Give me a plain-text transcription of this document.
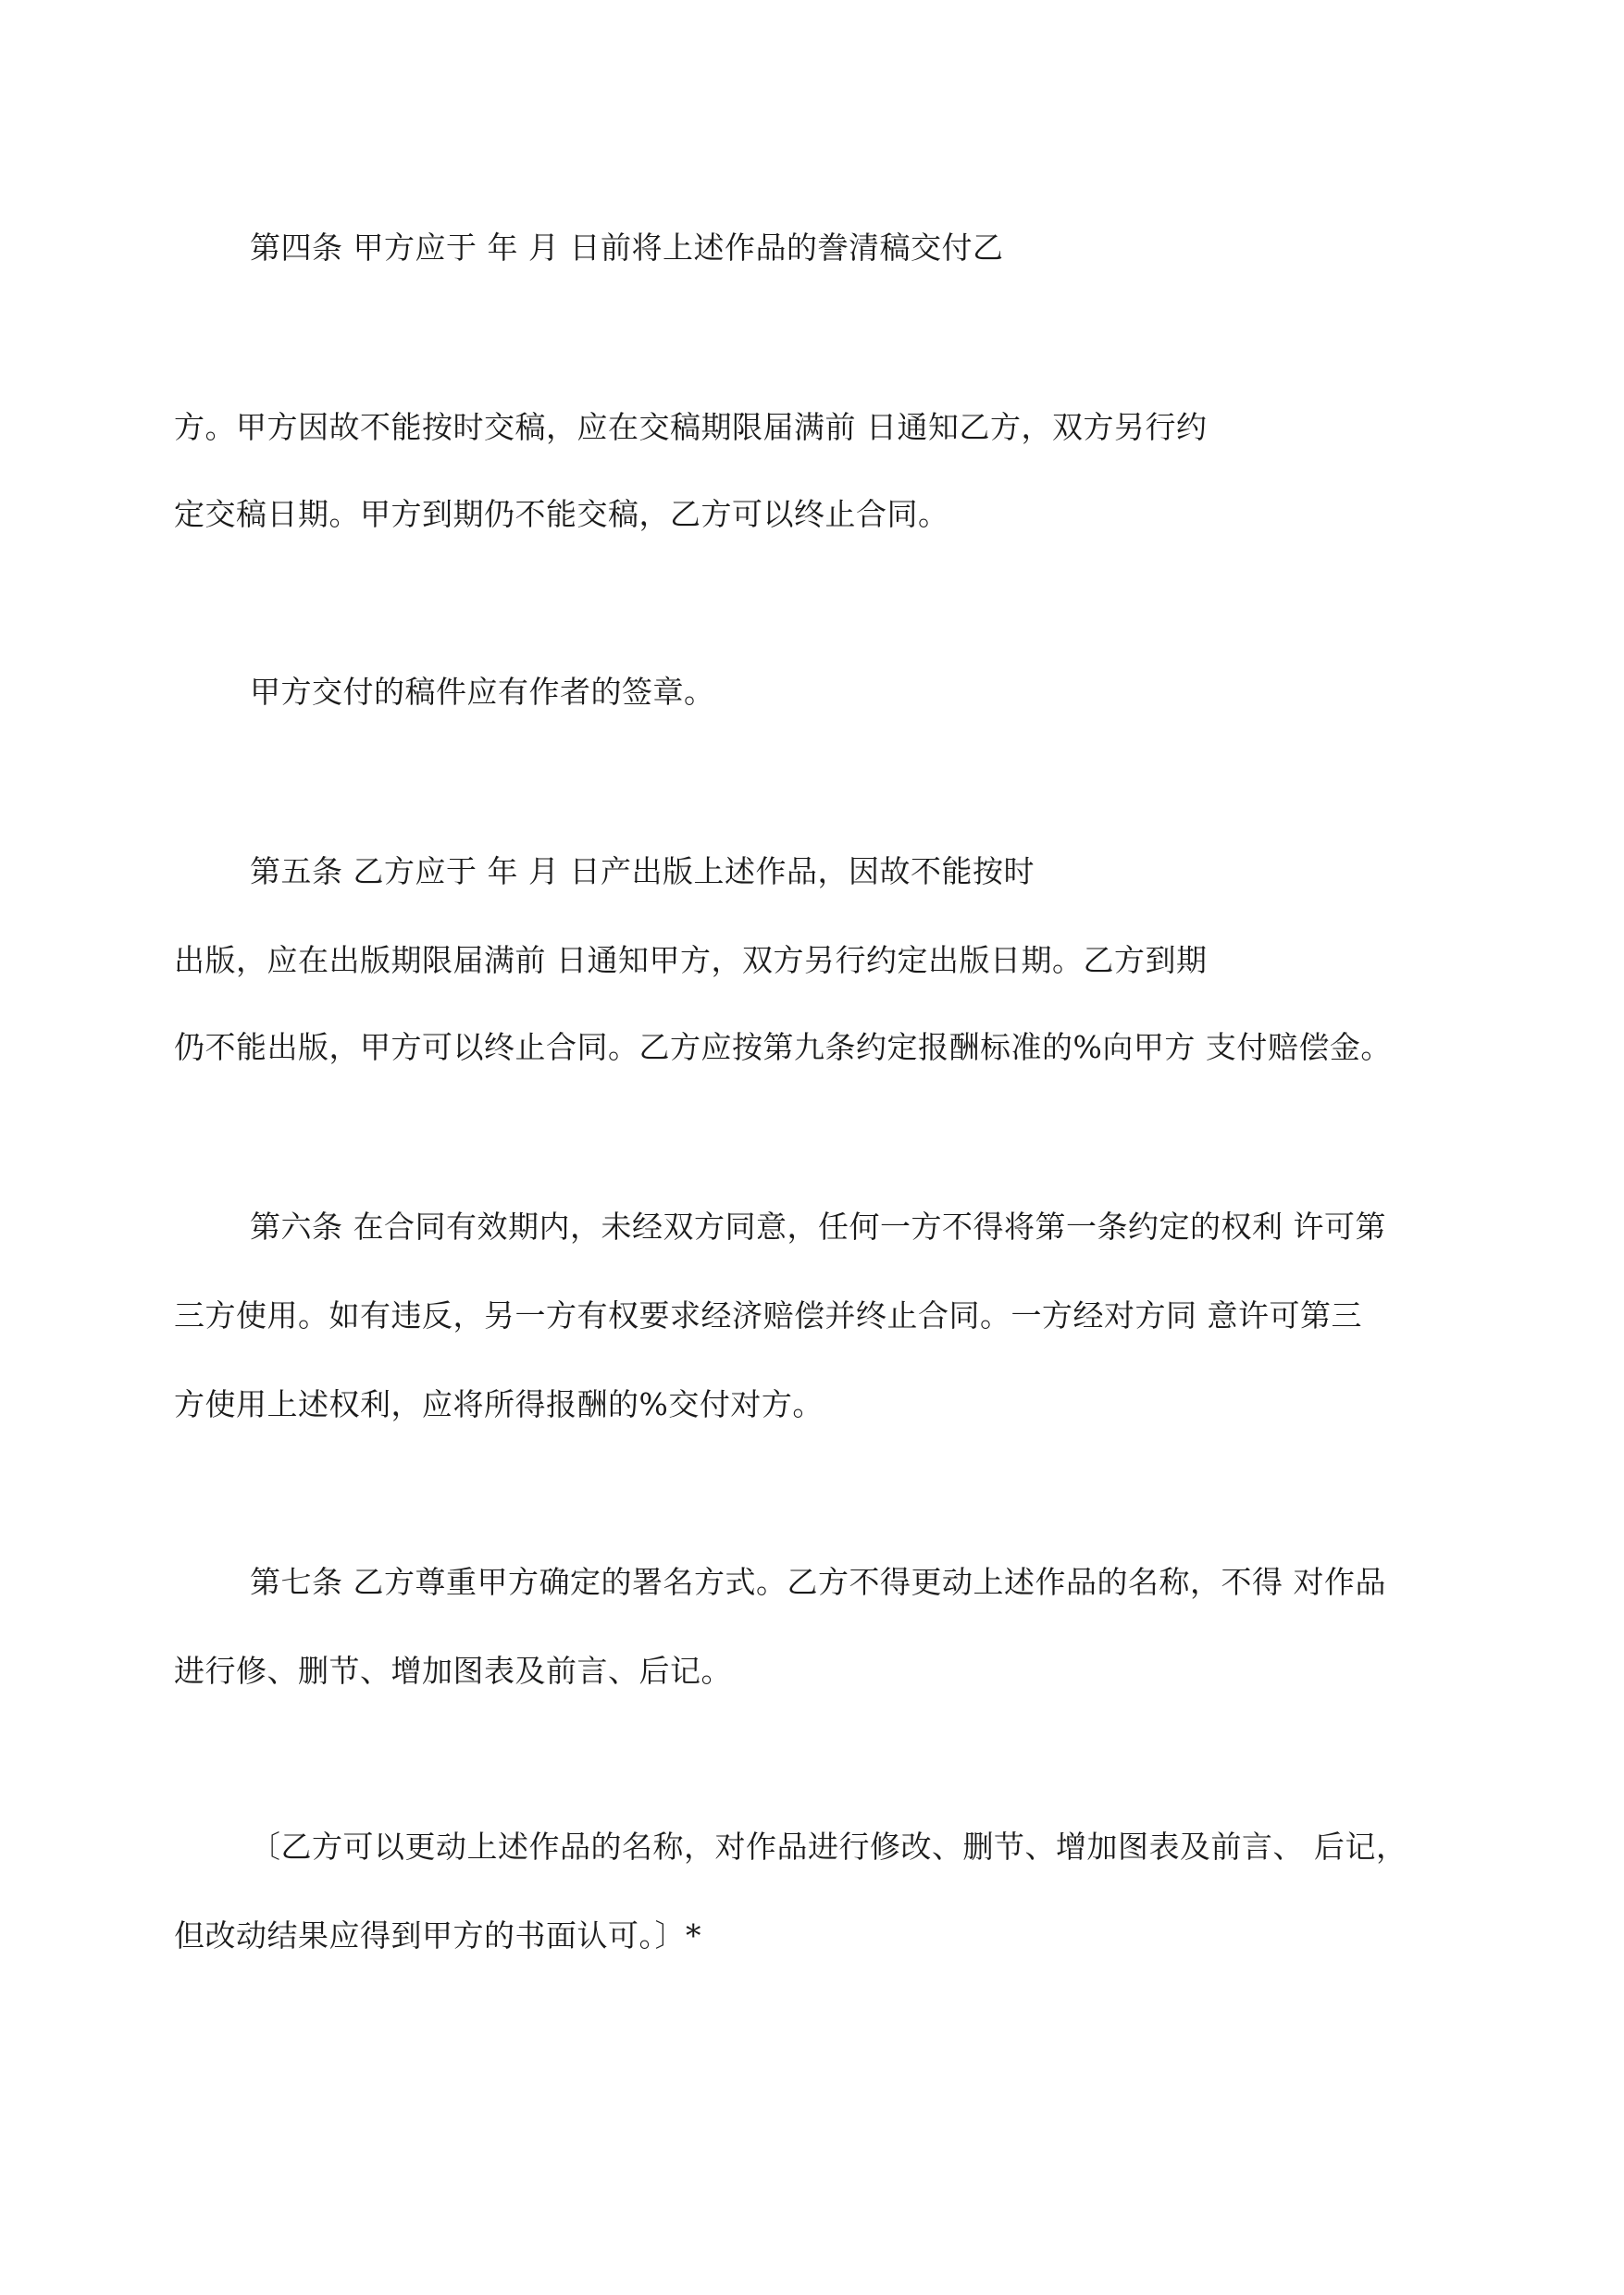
第四条 甲方应于 年 月 日前将上述作品的誊清稿交付乙
方。甲方因故不能按时交稿，应在交稿期限届满前 日通知乙方，双方另行约
定交稿日期。甲方到期仍不能交稿，乙方可以终止合同。
甲方交付的稿件应有作者的签章。
第五条 乙方应于 年 月 日产出版上述作品，因故不能按时
出版，应在出版期限届满前 日通知甲方，双方另行约定出版日期。乙方到期
仍不能出版，甲方可以终止合同。乙方应按第九条约定报酬标准的%向甲方 支付赔偿金。
第六条 在合同有效期内，未经双方同意，任何一方不得将第一条约定的权利 许可第
三方使用。如有违反，另一方有权要求经济赔偿并终止合同。一方经对方同 意许可第三
方使用上述权利，应将所得报酬的%交付对方。
第七条 乙方尊重甲方确定的署名方式。乙方不得更动上述作品的名称，不得 对作品
进行修、删节、增加图表及前言、后记。
〔乙方可以更动上述作品的名称，对作品进行修改、删节、增加图表及前言、 后记，
但改动结果应得到甲方的书面认可。〕*
